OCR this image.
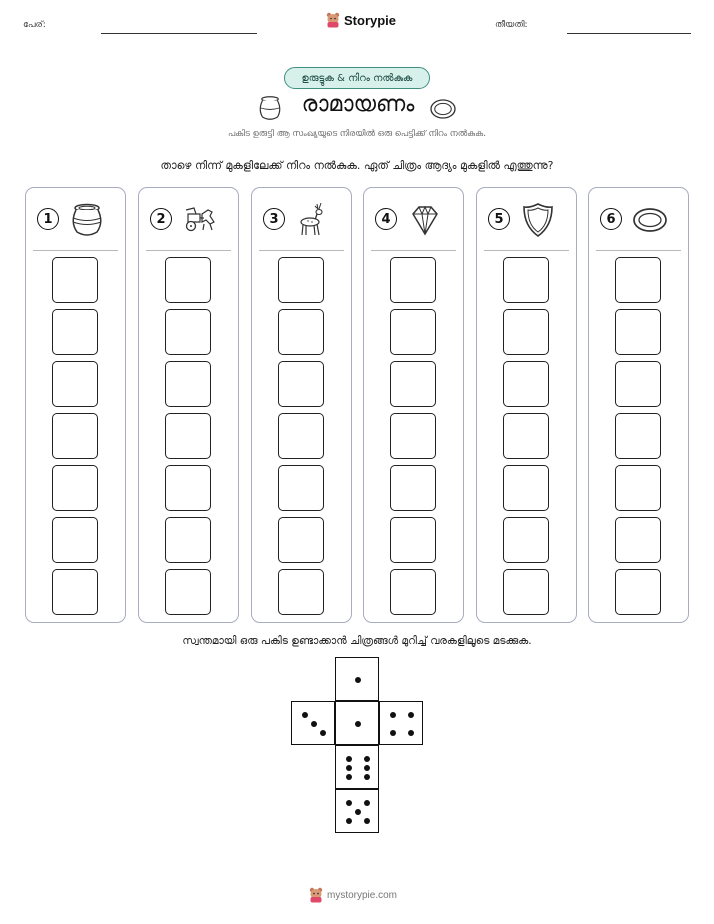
പേര്:	Storypie	തീയതി:
ഉരുട്ടുക & നിറം നൽകുക
രാമായണം
പകിട ഉരുട്ടി ആ സംഖ്യയുടെ നിരയിൽ ഒരു പെട്ടിക്ക് നിറം നൽകുക.
താഴെ നിന്ന് മുകളിലേക്ക് നിറം നൽകുക. ഏത് ചിത്രം ആദ്യം മുകളിൽ എത്തുന്നു?
1	2	3	4	5	6
സ്വന്തമായി ഒരു പകിട ഉണ്ടാക്കാൻ ചിത്രങ്ങൾ മുറിച്ച് വരകളിലൂടെ മടക്കുക.
mystorypie.com
